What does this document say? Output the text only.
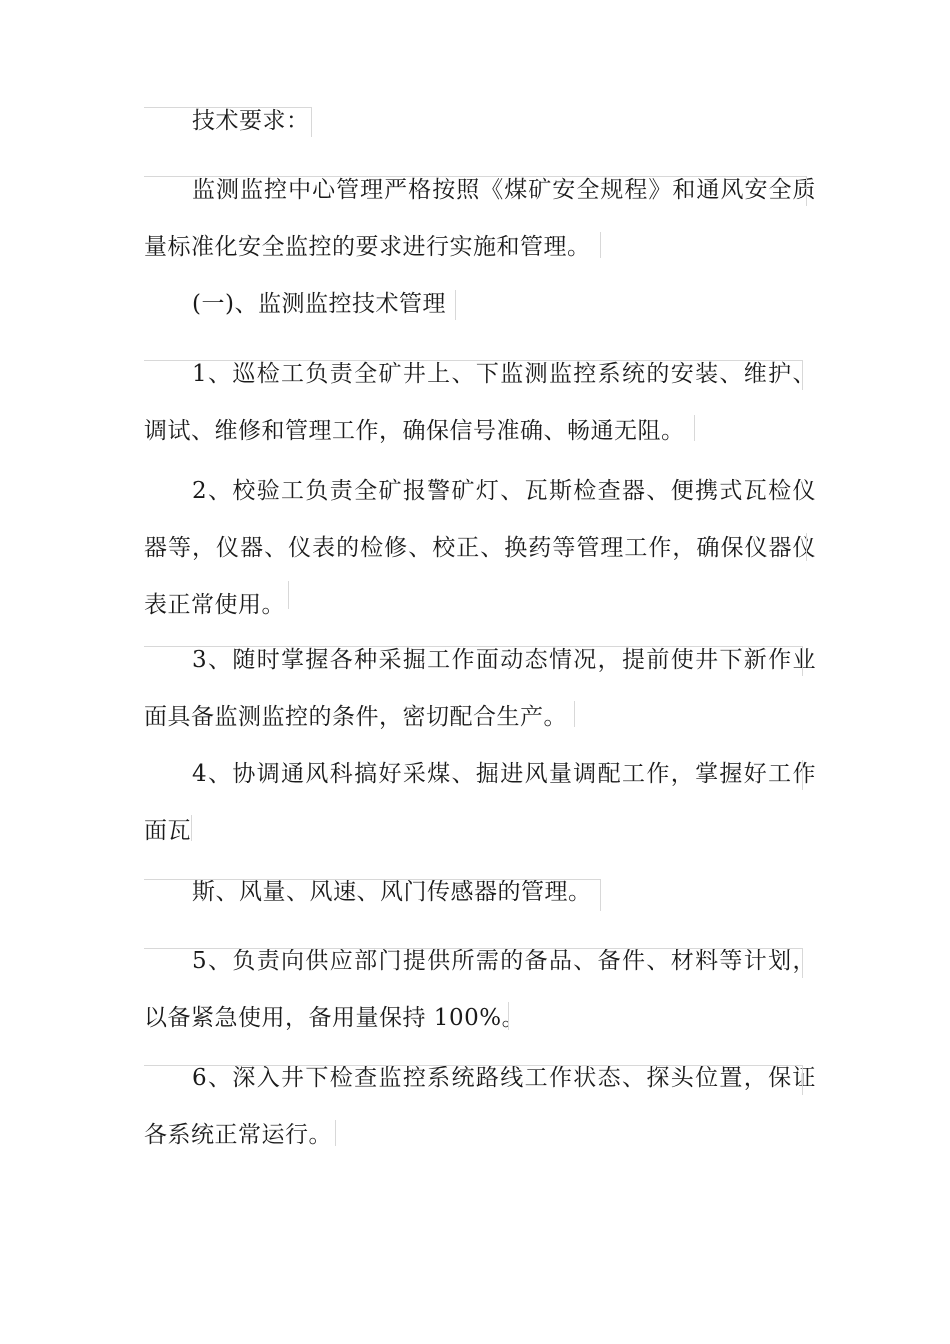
技术要求：
监测监控中心管理严格按照《煤矿安全规程》和通风安全质量标准化安全监控的要求进行实施和管理。
(一)、监测监控技术管理
1、巡检工负责全矿井上、下监测监控系统的安装、维护、调试、维修和管理工作，确保信号准确、畅通无阻。
2、校验工负责全矿报警矿灯、瓦斯检查器、便携式瓦检仪器等，仪器、仪表的检修、校正、换药等管理工作，确保仪器仪表正常使用。
3、随时掌握各种采掘工作面动态情况，提前使井下新作业面具备监测监控的条件，密切配合生产。
4、协调通风科搞好采煤、掘进风量调配工作，掌握好工作面瓦
斯、风量、风速、风门传感器的管理。
5、负责向供应部门提供所需的备品、备件、材料等计划，以备紧急使用，备用量保持 100%。
6、深入井下检查监控系统路线工作状态、探头位置，保证各系统正常运行。
